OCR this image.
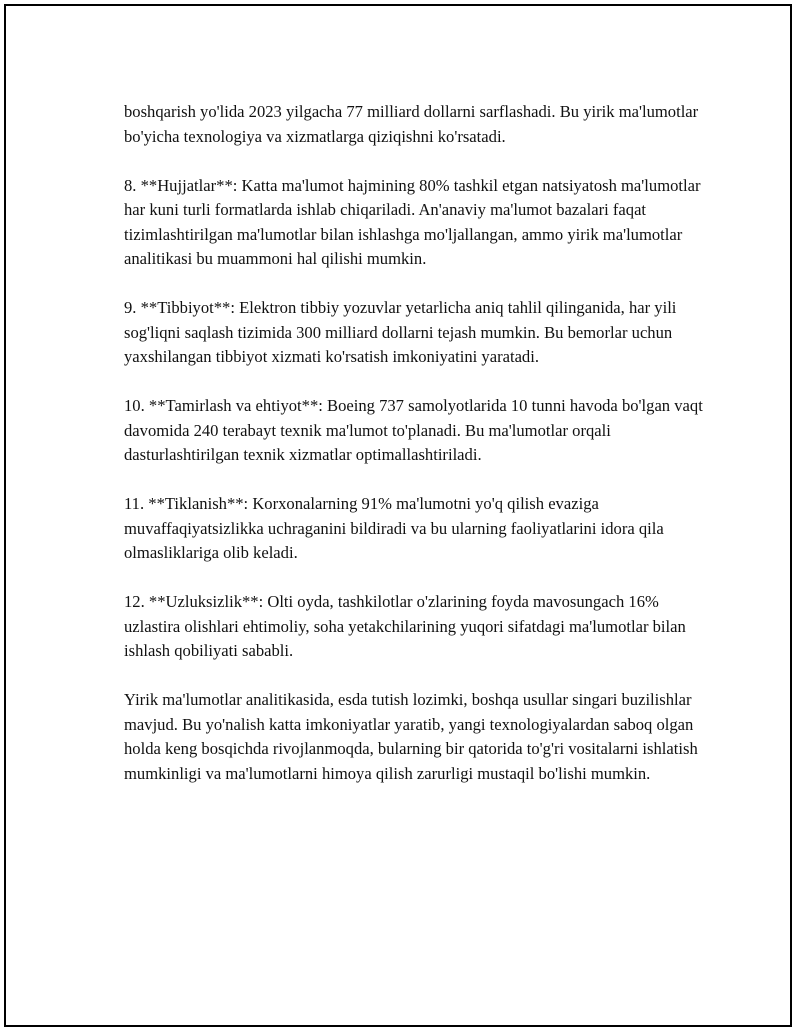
boshqarish yo'lida 2023 yilgacha 77 milliard dollarni sarflashadi. Bu yirik ma'lumotlar bo'yicha texnologiya va xizmatlarga qiziqishni ko'rsatadi.

8. **Hujjatlar**: Katta ma'lumot hajmining 80% tashkil etgan natsiyatosh ma'lumotlar har kuni turli formatlarda ishlab chiqariladi. An'anaviy ma'lumot bazalari faqat tizimlashtirilgan ma'lumotlar bilan ishlashga mo'ljallangan, ammo yirik ma'lumotlar analitikasi bu muammoni hal qilishi mumkin.

9. **Tibbiyot**: Elektron tibbiy yozuvlar yetarlicha aniq tahlil qilinganida, har yili sog'liqni saqlash tizimida 300 milliard dollarni tejash mumkin. Bu bemorlar uchun yaxshilangan tibbiyot xizmati ko'rsatish imkoniyatini yaratadi.

10. **Tamirlash va ehtiyot**: Boeing 737 samolyotlarida 10 tunni havoda bo'lgan vaqt davomida 240 terabayt texnik ma'lumot to'planadi. Bu ma'lumotlar orqali dasturlashtirilgan texnik xizmatlar optimallashtiriladi.

11. **Tiklanish**: Korxonalarning 91% ma'lumotni yo'q qilish evaziga muvaffaqiyatsizlikka uchraganini bildiradi va bu ularning faoliyatlarini idora qila olmasliklariga olib keladi.

12. **Uzluksizlik**: Olti oyda, tashkilotlar o'zlarining foyda mavosungach 16% uzlastira olishlari ehtimoliy, soha yetakchilarining yuqori sifatdagi ma'lumotlar bilan ishlash qobiliyati sababli.

Yirik ma'lumotlar analitikasida, esda tutish lozimki, boshqa usullar singari buzilishlar mavjud. Bu yo'nalish katta imkoniyatlar yaratib, yangi texnologiyalardan saboq olgan holda keng bosqichda rivojlanmoqda, bularning bir qatorida to'g'ri vositalarni ishlatish mumkinligi va ma'lumotlarni himoya qilish zarurligi mustaqil bo'lishi mumkin.
